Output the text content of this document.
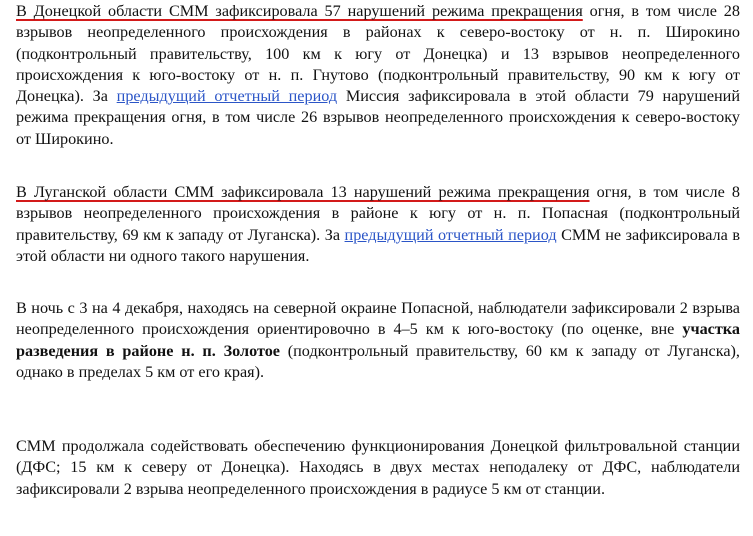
В Донецкой области СММ зафиксировала 57 нарушений режима прекращения огня, в том числе 28 взрывов неопределенного происхождения в районах к северо-востоку от н. п. Широкино (подконтрольный правительству, 100 км к югу от Донецка) и 13 взрывов неопределенного происхождения к юго-востоку от н. п. Гнутово (подконтрольный правительству, 90 км к югу от Донецка). За предыдущий отчетный период Миссия зафиксировала в этой области 79 нарушений режима прекращения огня, в том числе 26 взрывов неопределенного происхождения к северо-востоку от Широкино.

В Луганской области СММ зафиксировала 13 нарушений режима прекращения огня, в том числе 8 взрывов неопределенного происхождения в районе к югу от н. п. Попасная (подконтрольный правительству, 69 км к западу от Луганска). За предыдущий отчетный период СММ не зафиксировала в этой области ни одного такого нарушения.

В ночь с 3 на 4 декабря, находясь на северной окраине Попасной, наблюдатели зафиксировали 2 взрыва неопределенного происхождения ориентировочно в 4–5 км к юго-востоку (по оценке, вне участка разведения в районе н. п. Золотое (подконтрольный правительству, 60 км к западу от Луганска), однако в пределах 5 км от его края).

СММ продолжала содействовать обеспечению функционирования Донецкой фильтровальной станции (ДФС; 15 км к северу от Донецка). Находясь в двух местах неподалеку от ДФС, наблюдатели зафиксировали 2 взрыва неопределенного происхождения в радиусе 5 км от станции.
